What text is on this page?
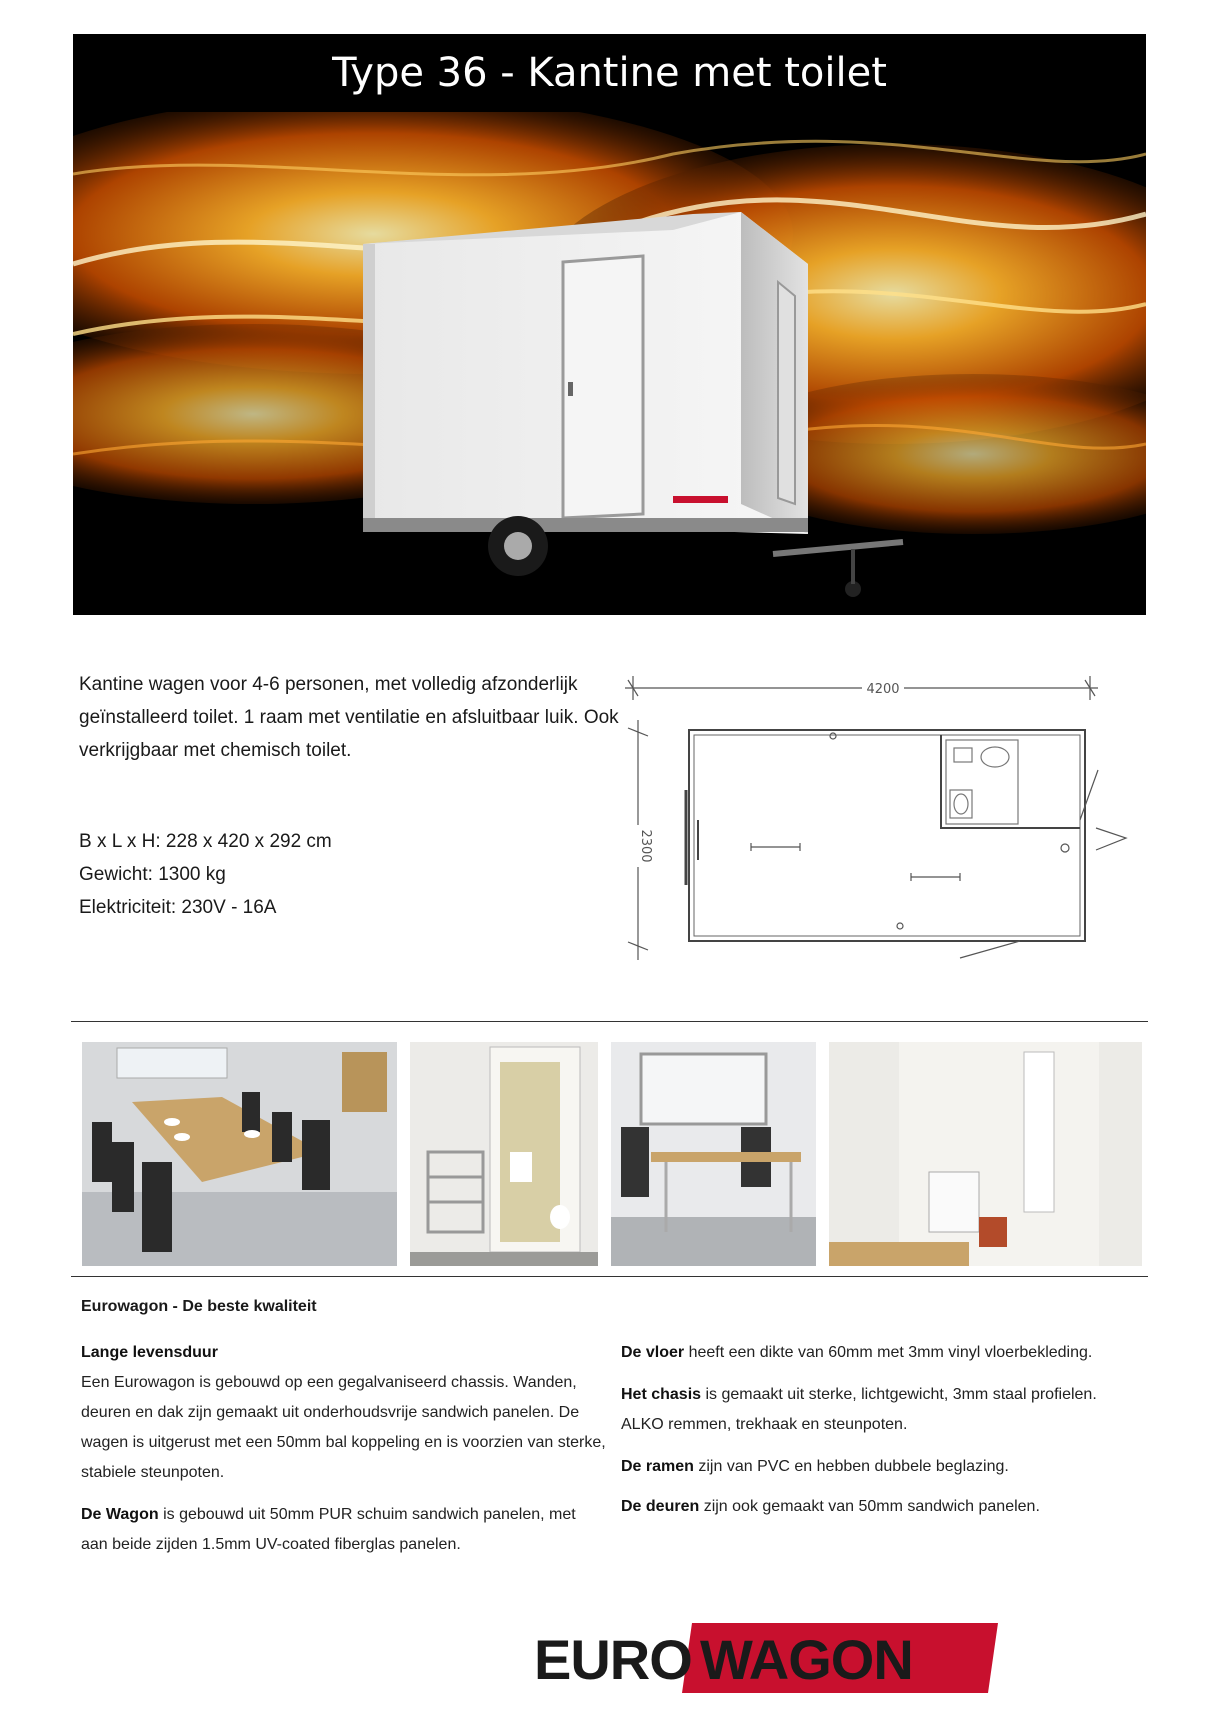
Type 36 - Kantine met toilet
Kantine wagen voor 4-6 personen, met volledig afzonderlijk geïnstalleerd toilet. 1 raam met ventilatie en afsluitbaar luik. Ook verkrijgbaar met chemisch toilet.
B x L x H: 228 x 420 x 292 cm
Gewicht: 1300 kg
Elektriciteit: 230V - 16A
4200
2300
Eurowagon - De beste kwaliteit

Lange levensduur

Een Eurowagon is gebouwd op een gegalvaniseerd chassis. Wanden, deuren en dak zijn gemaakt uit onderhoudsvrije sandwich panelen. De wagen is uitgerust met een 50mm bal koppeling en is voorzien van sterke, stabiele steunpoten.

De Wagon is gebouwd uit 50mm PUR schuim sandwich panelen, met aan beide zijden 1.5mm UV-coated fiberglas panelen.

De vloer heeft een dikte van 60mm met 3mm vinyl vloerbekleding.

Het chasis is gemaakt uit sterke, lichtgewicht, 3mm staal profielen. ALKO remmen, trekhaak en steunpoten.

De ramen zijn van PVC en hebben dubbele beglazing.

De deuren zijn ook gemaakt van 50mm sandwich panelen.

EURO WAGON
